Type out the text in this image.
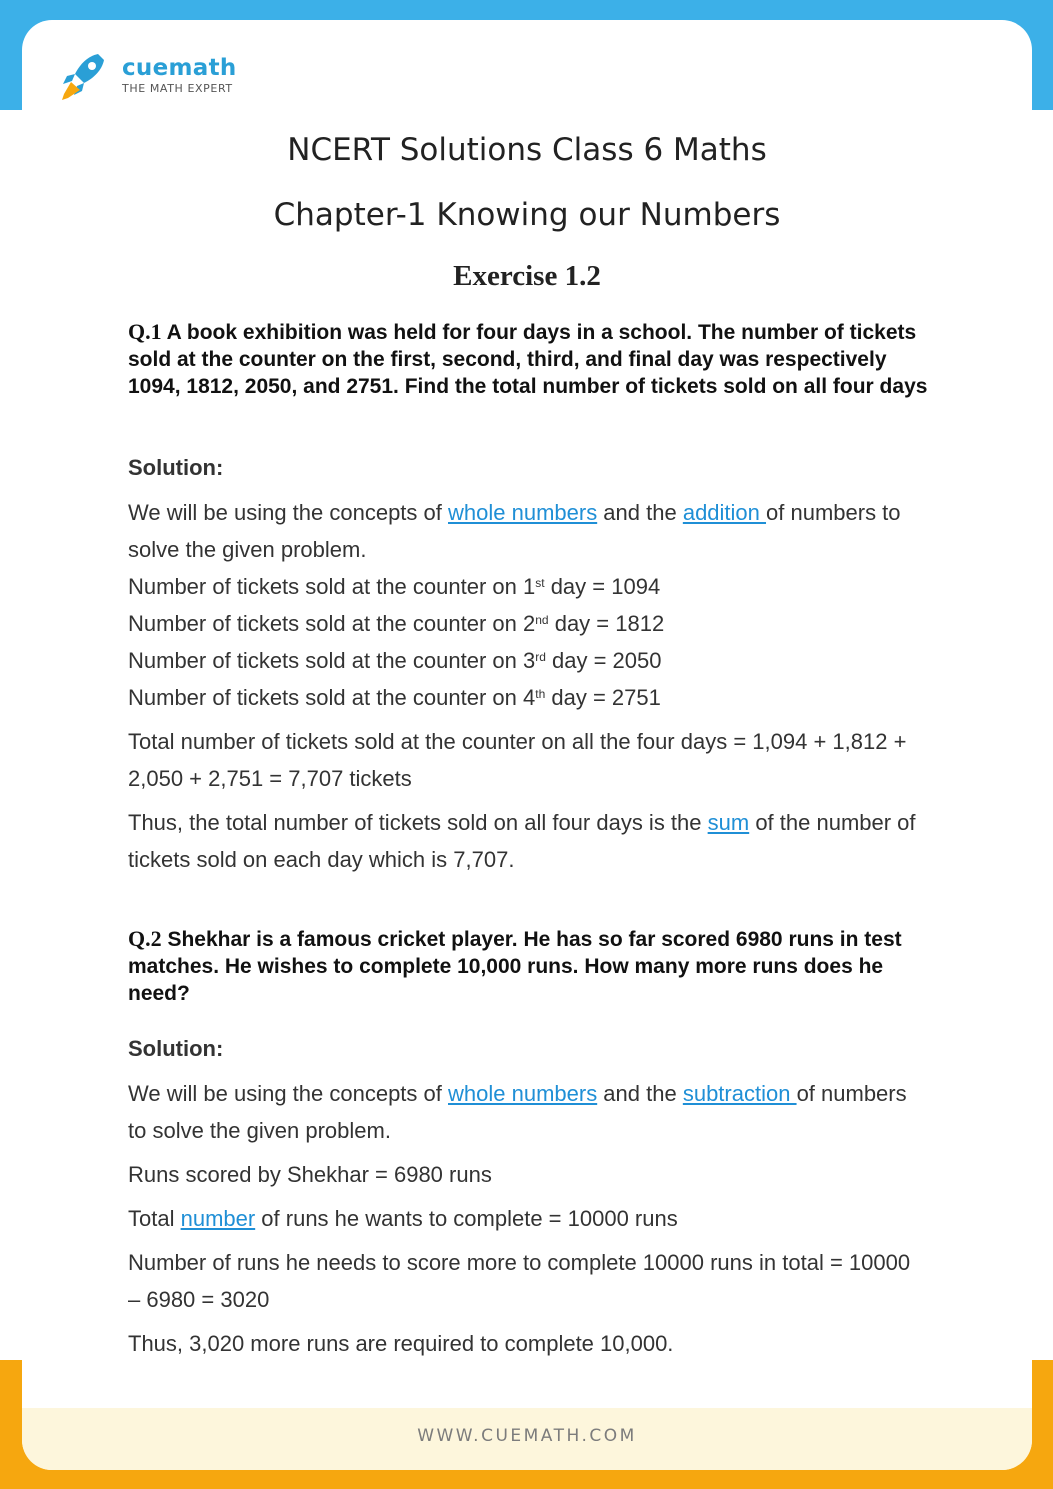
cuemath
THE MATH EXPERT
NCERT Solutions Class 6 Maths
Chapter-1 Knowing our Numbers
Exercise 1.2

Q.1 A book exhibition was held for four days in a school. The number of tickets sold at the counter on the first, second, third, and final day was respectively 1094, 1812, 2050, and 2751. Find the total number of tickets sold on all four days

Solution:

We will be using the concepts of whole numbers and the addition of numbers to solve the given problem.

Number of tickets sold at the counter on 1st day = 1094

Number of tickets sold at the counter on 2nd day = 1812

Number of tickets sold at the counter on 3rd day = 2050

Number of tickets sold at the counter on 4th day = 2751

Total number of tickets sold at the counter on all the four days = 1,094 + 1,812 + 2,050 + 2,751 = 7,707 tickets

Thus, the total number of tickets sold on all four days is the sum of the number of tickets sold on each day which is 7,707.

Q.2 Shekhar is a famous cricket player. He has so far scored 6980 runs in test matches. He wishes to complete 10,000 runs. How many more runs does he need?

Solution:

We will be using the concepts of whole numbers and the subtraction of numbers to solve the given problem.

Runs scored by Shekhar = 6980 runs

Total number of runs he wants to complete = 10000 runs

Number of runs he needs to score more to complete 10000 runs in total = 10000 – 6980 = 3020

Thus, 3,020 more runs are required to complete 10,000.

WWW.CUEMATH.COM
